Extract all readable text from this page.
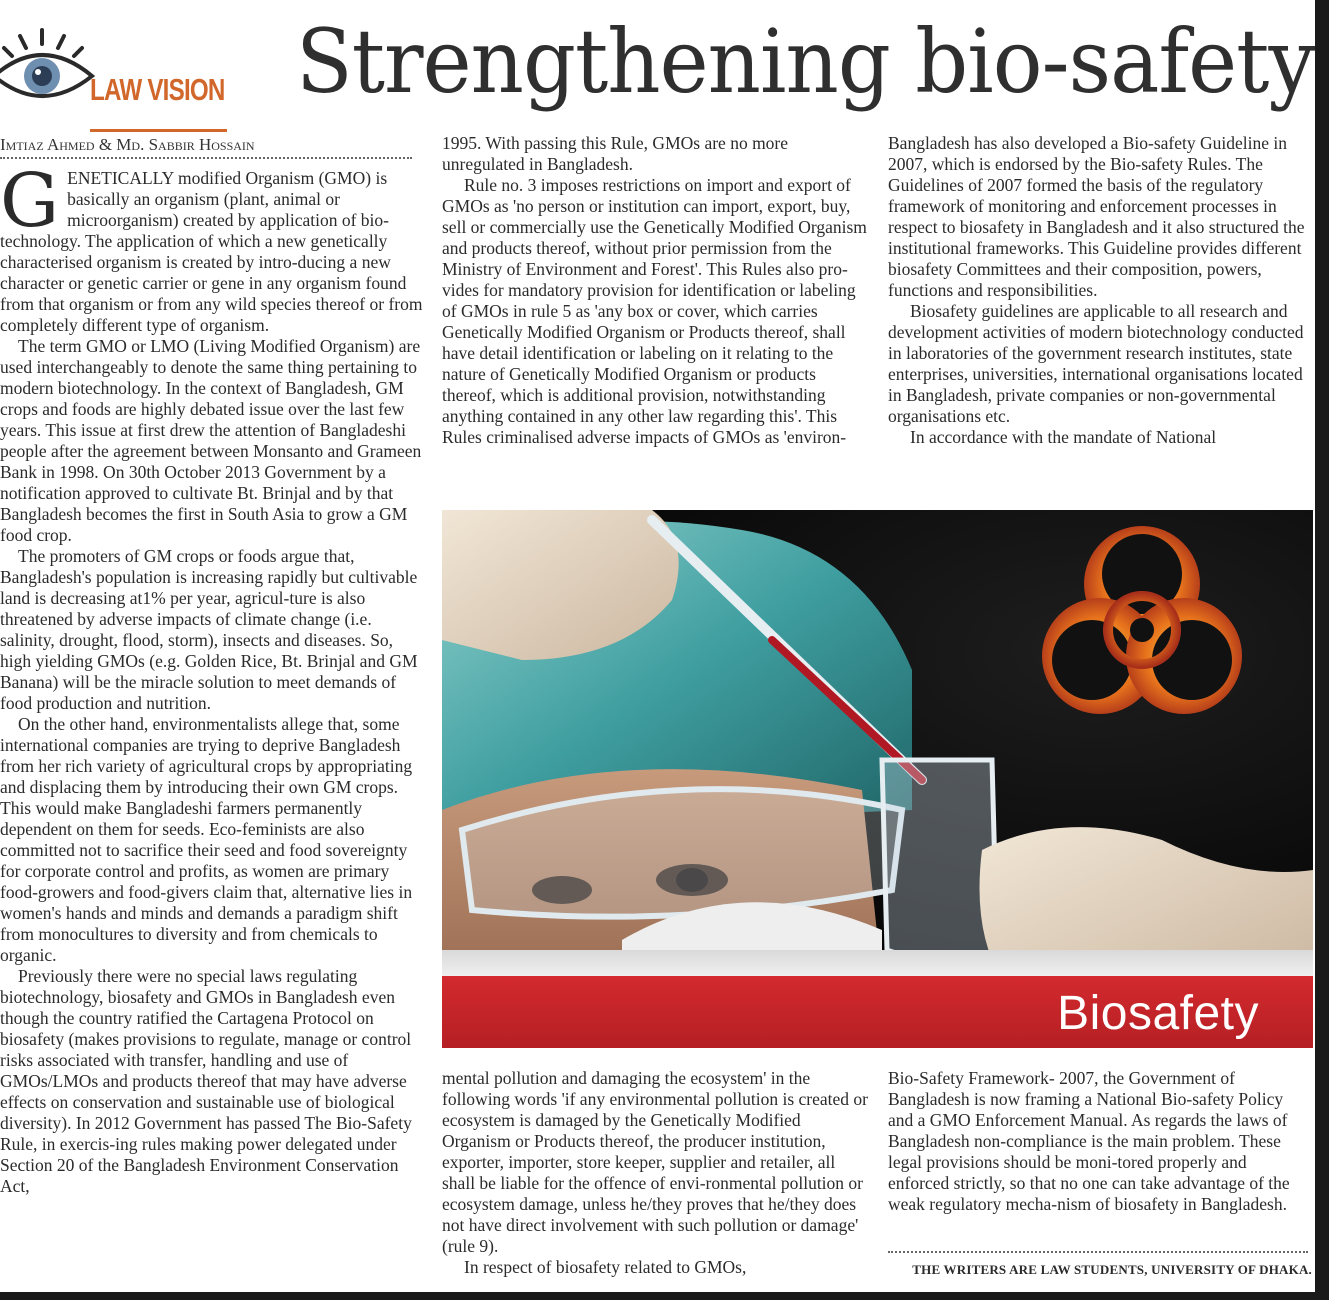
LAW VISION Strengthening bio-safety
Imtiaz Ahmed & Md. Sabbir Hossain

GENETICALLY modified Organism (GMO) is basically an organism (plant, animal or microorganism) created by application of bio-technology. The application of which a new genetically characterised organism is created by intro-ducing a new character or genetic carrier or gene in any organism found from that organism or from any wild species thereof or from completely different type of organism.

The term GMO or LMO (Living Modified Organism) are used interchangeably to denote the same thing pertaining to modern biotechnology. In the context of Bangladesh, GM crops and foods are highly debated issue over the last few years. This issue at first drew the attention of Bangladeshi people after the agreement between Monsanto and Grameen Bank in 1998. On 30th October 2013 Government by a notification approved to cultivate Bt. Brinjal and by that Bangladesh becomes the first in South Asia to grow a GM food crop.

The promoters of GM crops or foods argue that, Bangladesh's population is increasing rapidly but cultivable land is decreasing at1% per year, agricul-ture is also threatened by adverse impacts of climate change (i.e. salinity, drought, flood, storm), insects and diseases. So, high yielding GMOs (e.g. Golden Rice, Bt. Brinjal and GM Banana) will be the miracle solution to meet demands of food production and nutrition.

On the other hand, environmentalists allege that, some international companies are trying to deprive Bangladesh from her rich variety of agricultural crops by appropriating and displacing them by introducing their own GM crops. This would make Bangladeshi farmers permanently dependent on them for seeds. Eco-feminists are also committed not to sacrifice their seed and food sovereignty for corporate control and profits, as women are primary food-growers and food-givers claim that, alternative lies in women's hands and minds and demands a paradigm shift from monocultures to diversity and from chemicals to organic.

Previously there were no special laws regulating biotechnology, biosafety and GMOs in Bangladesh even though the country ratified the Cartagena Protocol on biosafety (makes provisions to regulate, manage or control risks associated with transfer, handling and use of GMOs/LMOs and products thereof that may have adverse effects on conservation and sustainable use of biological diversity). In 2012 Government has passed The Bio-Safety Rule, in exercis-ing rules making power delegated under Section 20 of the Bangladesh Environment Conservation Act,

1995. With passing this Rule, GMOs are no more unregulated in Bangladesh.

Rule no. 3 imposes restrictions on import and export of GMOs as 'no person or institution can import, export, buy, sell or commercially use the Genetically Modified Organism and products thereof, without prior permission from the Ministry of Environment and Forest'. This Rules also pro-vides for mandatory provision for identification or labeling of GMOs in rule 5 as 'any box or cover, which carries Genetically Modified Organism or Products thereof, shall have detail identification or labeling on it relating to the nature of Genetically Modified Organism or products thereof, which is additional provision, notwithstanding anything contained in any other law regarding this'. This Rules criminalised adverse impacts of GMOs as 'environ-

Bangladesh has also developed a Bio-safety Guideline in 2007, which is endorsed by the Bio-safety Rules. The Guidelines of 2007 formed the basis of the regulatory framework of monitoring and enforcement processes in respect to biosafety in Bangladesh and it also structured the institutional frameworks. This Guideline provides different biosafety Committees and their composition, powers, functions and responsibilities.

Biosafety guidelines are applicable to all research and development activities of modern biotechnology conducted in laboratories of the government research institutes, state enterprises, universities, international organisations located in Bangladesh, private companies or non-governmental organisations etc.

In accordance with the mandate of National

Biosafety

mental pollution and damaging the ecosystem' in the following words 'if any environmental pollution is created or ecosystem is damaged by the Genetically Modified Organism or Products thereof, the producer institution, exporter, importer, store keeper, supplier and retailer, all shall be liable for the offence of envi-ronmental pollution or ecosystem damage, unless he/they proves that he/they does not have direct involvement with such pollution or damage' (rule 9).

In respect of biosafety related to GMOs,

Bio-Safety Framework- 2007, the Government of Bangladesh is now framing a National Bio-safety Policy and a GMO Enforcement Manual. As regards the laws of Bangladesh non-compliance is the main problem. These legal provisions should be moni-tored properly and enforced strictly, so that no one can take advantage of the weak regulatory mecha-nism of biosafety in Bangladesh.

THE WRITERS ARE LAW STUDENTS, UNIVERSITY OF DHAKA.
